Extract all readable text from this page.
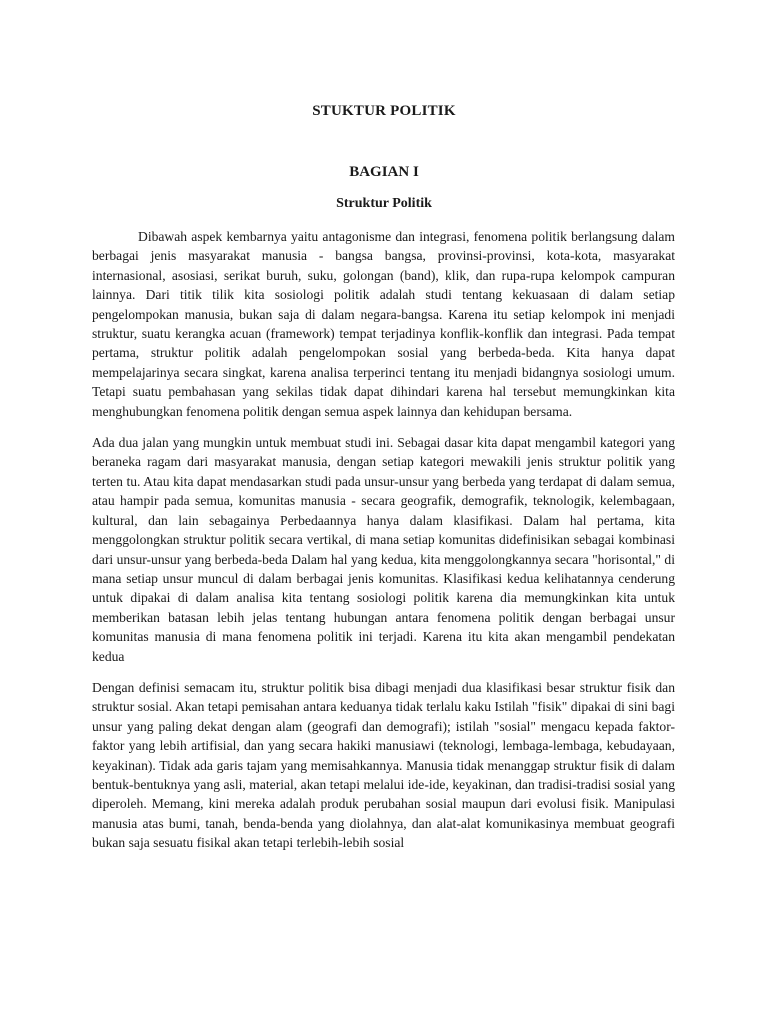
STUKTUR POLITIK
BAGIAN I
Struktur Politik

Dibawah aspek kembarnya yaitu antagonisme dan integrasi, fenomena politik berlangsung dalam berbagai jenis masyarakat manusia - bangsa bangsa, provinsi-provinsi, kota-kota, masyarakat internasional, asosiasi, serikat buruh, suku, golongan (band), klik, dan rupa-rupa kelompok campuran lainnya. Dari titik tilik kita sosiologi politik adalah studi tentang kekuasaan di dalam setiap pengelompokan manusia, bukan saja di dalam negara-bangsa. Karena itu setiap kelompok ini menjadi struktur, suatu kerangka acuan (framework) tempat terjadinya konflik-konflik dan integrasi. Pada tempat pertama, struktur politik adalah pengelompokan sosial yang berbeda-beda. Kita hanya dapat mempelajarinya secara singkat, karena analisa terperinci tentang itu menjadi bidangnya sosiologi umum. Tetapi suatu pembahasan yang sekilas tidak dapat dihindari karena hal tersebut memungkinkan kita menghubungkan fenomena politik dengan semua aspek lainnya dan kehidupan bersama.

Ada dua jalan yang mungkin untuk membuat studi ini. Sebagai dasar kita dapat mengambil kategori yang beraneka ragam dari masyarakat manusia, dengan setiap kategori mewakili jenis struktur politik yang terten tu. Atau kita dapat mendasarkan studi pada unsur-unsur yang berbeda yang terdapat di dalam semua, atau hampir pada semua, komunitas manusia - secara geografik, demografik, teknologik, kelembagaan, kultural, dan lain sebagainya Perbedaannya hanya dalam klasifikasi. Dalam hal pertama, kita menggolongkan struktur politik secara vertikal, di mana setiap komunitas didefinisikan sebagai kombinasi dari unsur-unsur yang berbeda-beda Dalam hal yang kedua, kita menggolongkannya secara "horisontal," di mana setiap unsur muncul di dalam berbagai jenis komunitas. Klasifikasi kedua kelihatannya cenderung untuk dipakai di dalam analisa kita tentang sosiologi politik karena dia memungkinkan kita untuk memberikan batasan lebih jelas tentang hubungan antara fenomena politik dengan berbagai unsur komunitas manusia di mana fenomena politik ini terjadi. Karena itu kita akan mengambil pendekatan kedua

Dengan definisi semacam itu, struktur politik bisa dibagi menjadi dua klasifikasi besar struktur fisik dan struktur sosial. Akan tetapi pemisahan antara keduanya tidak terlalu kaku Istilah "fisik" dipakai di sini bagi unsur yang paling dekat dengan alam (geografi dan demografi); istilah "sosial" mengacu kepada faktor-faktor yang lebih artifisial, dan yang secara hakiki manusiawi (teknologi, lembaga-lembaga, kebudayaan, keyakinan). Tidak ada garis tajam yang memisahkannya. Manusia tidak menanggap struktur fisik di dalam bentuk-bentuknya yang asli, material, akan tetapi melalui ide-ide, keyakinan, dan tradisi-tradisi sosial yang diperoleh. Memang, kini mereka adalah produk perubahan sosial maupun dari evolusi fisik. Manipulasi manusia atas bumi, tanah, benda-benda yang diolahnya, dan alat-alat komunikasinya membuat geografi bukan saja sesuatu fisikal akan tetapi terlebih-lebih sosial
